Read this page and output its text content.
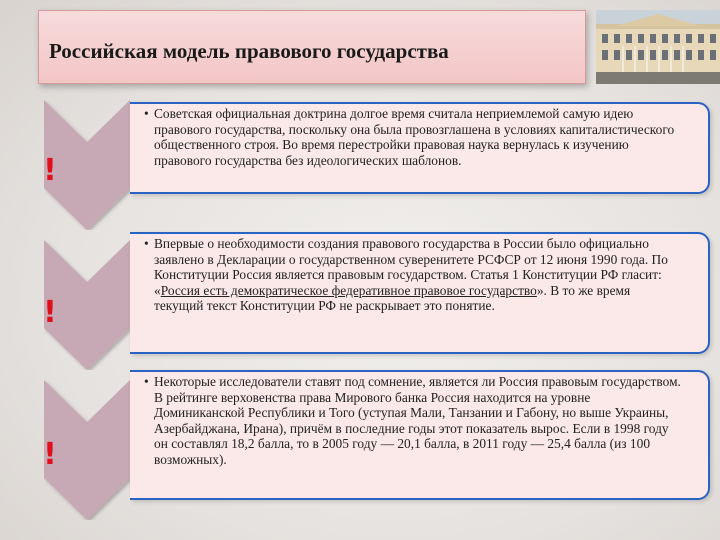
Российская модель правового государства
!
!
!

• Советская официальная доктрина долгое время считала неприемлемой самую идею правового государства, поскольку она была провозглашена в условиях капиталистического общественного строя. Во время перестройки правовая наука вернулась к изучению правового государства без идеологических шаблонов.

• Впервые о необходимости создания правового государства в России было официально заявлено в Декларации о государственном суверенитете РСФСР от 12 июня 1990 года. По Конституции Россия является правовым государством. Статья 1 Конституции РФ гласит: «Россия есть демократическое федеративное правовое государство». В то же время текущий текст Конституции РФ не раскрывает это понятие.

• Некоторые исследователи ставят под сомнение, является ли Россия правовым государством. В рейтинге верховенства права Мирового банка Россия находится на уровне Доминиканской Республики и Того (уступая Мали, Танзании и Габону, но выше Украины, Азербайджана, Ирана), причём в последние годы этот показатель вырос. Если в 1998 году он составлял 18,2 балла, то в 2005 году — 20,1 балла, в 2011 году — 25,4 балла (из 100 возможных).
